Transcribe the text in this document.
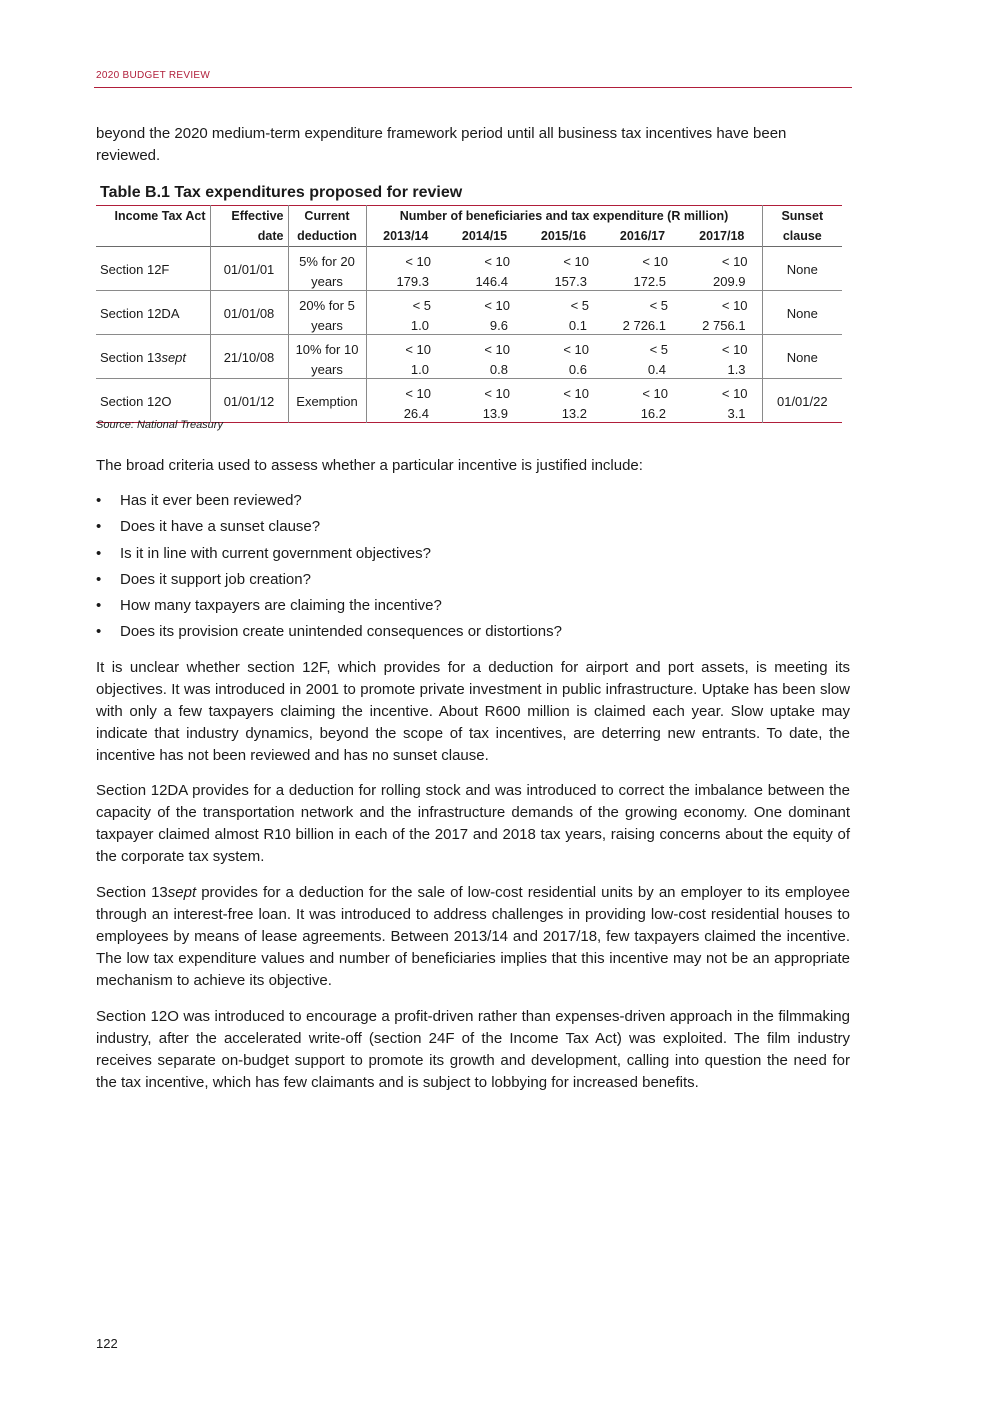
2020 BUDGET REVIEW

beyond the 2020 medium-term expenditure framework period until all business tax incentives have been reviewed.

Table B.1 Tax expenditures proposed for review
Income Tax Act	Effective	Current	Number of beneficiaries and tax expenditure (R million)					Sunset
	date	deduction	2013/14	2014/15	2015/16	2016/17	2017/18	clause
Section 12F	01/01/01	5% for 20	< 10	< 10	< 10	< 10	< 10	None
		years	179.3	146.4	157.3	172.5	209.9	
Section 12DA	01/01/08	20% for 5	< 5	< 10	< 5	< 5	< 10	None
		years	1.0	9.6	0.1	2 726.1	2 756.1	
Section 13sept	21/10/08	10% for 10	< 10	< 10	< 10	< 5	< 10	None
		years	1.0	0.8	0.6	0.4	1.3	
Section 12O	01/01/12	Exemption	< 10	< 10	< 10	< 10	< 10	01/01/22
			26.4	13.9	13.2	16.2	3.1	
Source: National Treasury

The broad criteria used to assess whether a particular incentive is justified include:

• Has it ever been reviewed?
• Does it have a sunset clause?
• Is it in line with current government objectives?
• Does it support job creation?
• How many taxpayers are claiming the incentive?
• Does its provision create unintended consequences or distortions?

It is unclear whether section 12F, which provides for a deduction for airport and port assets, is meeting its objectives. It was introduced in 2001 to promote private investment in public infrastructure. Uptake has been slow with only a few taxpayers claiming the incentive. About R600 million is claimed each year. Slow uptake may indicate that industry dynamics, beyond the scope of tax incentives, are deterring new entrants. To date, the incentive has not been reviewed and has no sunset clause.

Section 12DA provides for a deduction for rolling stock and was introduced to correct the imbalance between the capacity of the transportation network and the infrastructure demands of the growing economy. One dominant taxpayer claimed almost R10 billion in each of the 2017 and 2018 tax years, raising concerns about the equity of the corporate tax system.

Section 13sept provides for a deduction for the sale of low-cost residential units by an employer to its employee through an interest-free loan. It was introduced to address challenges in providing low-cost residential houses to employees by means of lease agreements. Between 2013/14 and 2017/18, few taxpayers claimed the incentive. The low tax expenditure values and number of beneficiaries implies that this incentive may not be an appropriate mechanism to achieve its objective.

Section 12O was introduced to encourage a profit-driven rather than expenses-driven approach in the filmmaking industry, after the accelerated write-off (section 24F of the Income Tax Act) was exploited. The film industry receives separate on-budget support to promote its growth and development, calling into question the need for the tax incentive, which has few claimants and is subject to lobbying for increased benefits.

122
